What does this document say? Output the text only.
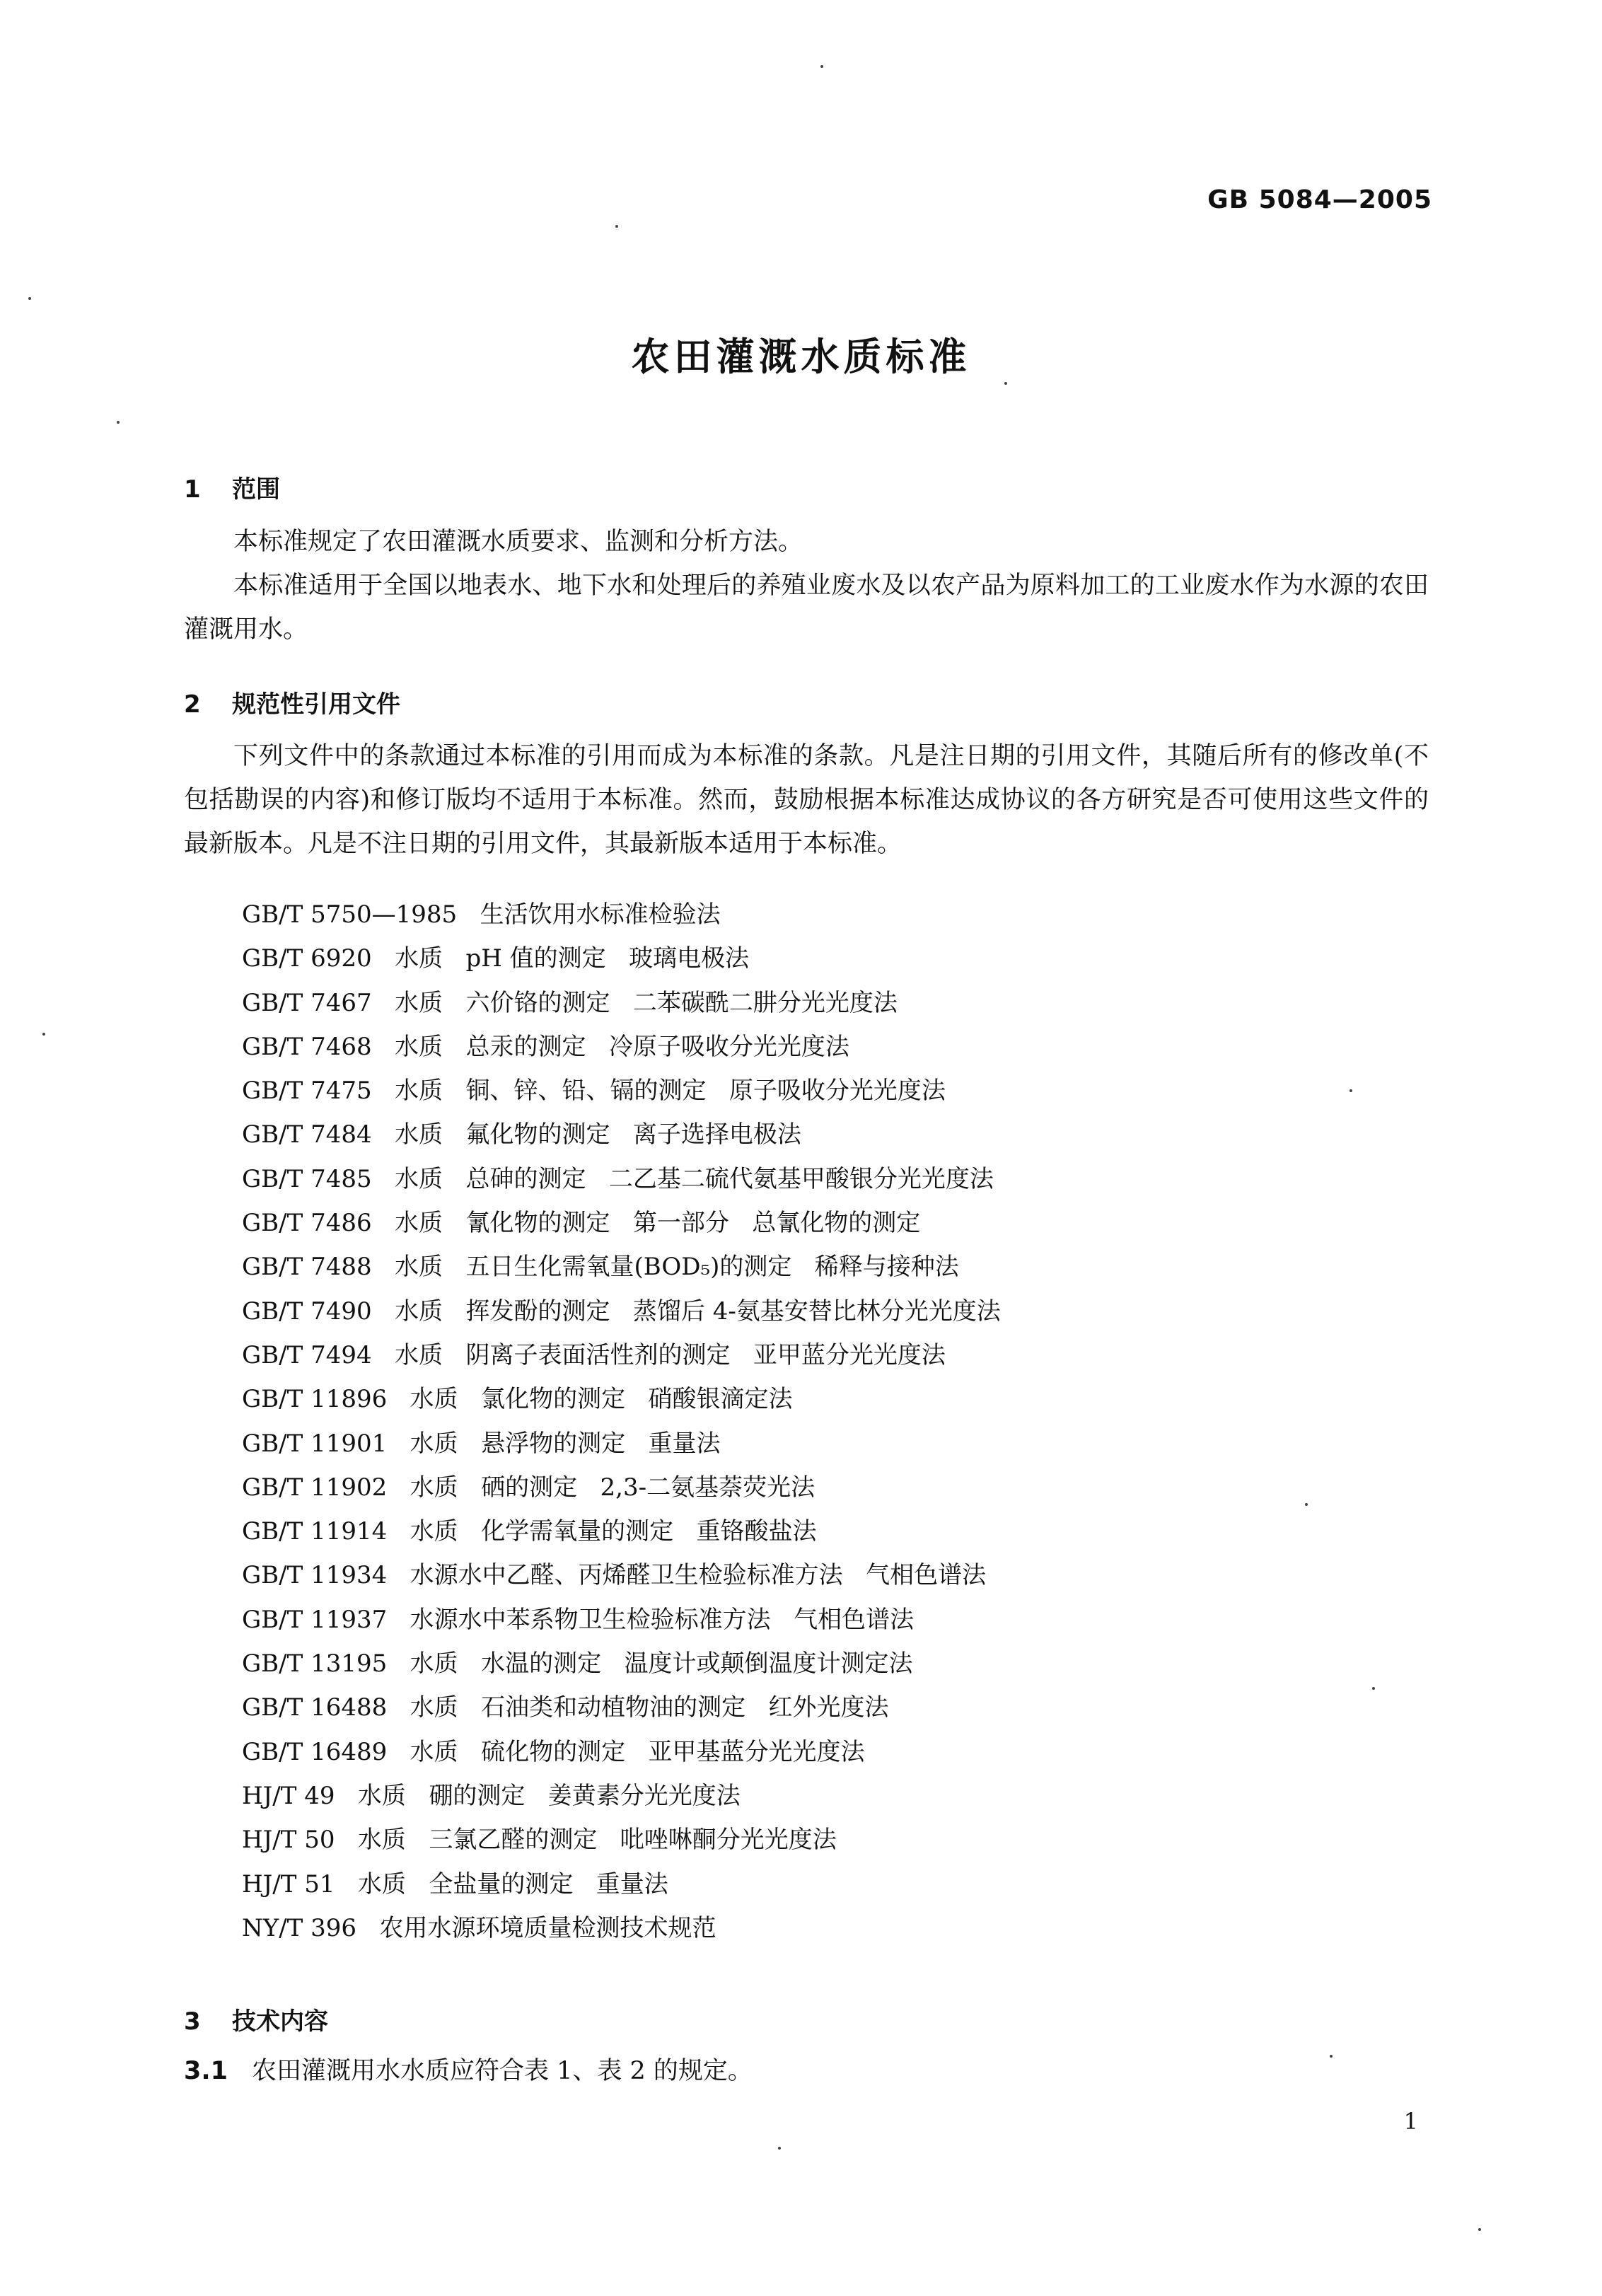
GB 5084—2005
农田灌溉水质标准
1 范围
本标准规定了农田灌溉水质要求、监测和分析方法。
本标准适用于全国以地表水、地下水和处理后的养殖业废水及以农产品为原料加工的工业废水作为水源的农田灌溉用水。
2 规范性引用文件
下列文件中的条款通过本标准的引用而成为本标准的条款。凡是注日期的引用文件，其随后所有的修改单(不包括勘误的内容)和修订版均不适用于本标准。然而，鼓励根据本标准达成协议的各方研究是否可使用这些文件的最新版本。凡是不注日期的引用文件，其最新版本适用于本标准。
GB/T 5750—1985   生活饮用水标准检验法
GB/T 6920   水质   pH 值的测定   玻璃电极法
GB/T 7467   水质   六价铬的测定   二苯碳酰二肼分光光度法
GB/T 7468   水质   总汞的测定   冷原子吸收分光光度法
GB/T 7475   水质   铜、锌、铅、镉的测定   原子吸收分光光度法
GB/T 7484   水质   氟化物的测定   离子选择电极法
GB/T 7485   水质   总砷的测定   二乙基二硫代氨基甲酸银分光光度法
GB/T 7486   水质   氰化物的测定   第一部分   总氰化物的测定
GB/T 7488   水质   五日生化需氧量(BOD₅)的测定   稀释与接种法
GB/T 7490   水质   挥发酚的测定   蒸馏后 4-氨基安替比林分光光度法
GB/T 7494   水质   阴离子表面活性剂的测定   亚甲蓝分光光度法
GB/T 11896   水质   氯化物的测定   硝酸银滴定法
GB/T 11901   水质   悬浮物的测定   重量法
GB/T 11902   水质   硒的测定   2,3-二氨基萘荧光法
GB/T 11914   水质   化学需氧量的测定   重铬酸盐法
GB/T 11934   水源水中乙醛、丙烯醛卫生检验标准方法   气相色谱法
GB/T 11937   水源水中苯系物卫生检验标准方法   气相色谱法
GB/T 13195   水质   水温的测定   温度计或颠倒温度计测定法
GB/T 16488   水质   石油类和动植物油的测定   红外光度法
GB/T 16489   水质   硫化物的测定   亚甲基蓝分光光度法
HJ/T 49   水质   硼的测定   姜黄素分光光度法
HJ/T 50   水质   三氯乙醛的测定   吡唑啉酮分光光度法
HJ/T 51   水质   全盐量的测定   重量法
NY/T 396   农用水源环境质量检测技术规范
3 技术内容
3.1 农田灌溉用水水质应符合表 1、表 2 的规定。
1
